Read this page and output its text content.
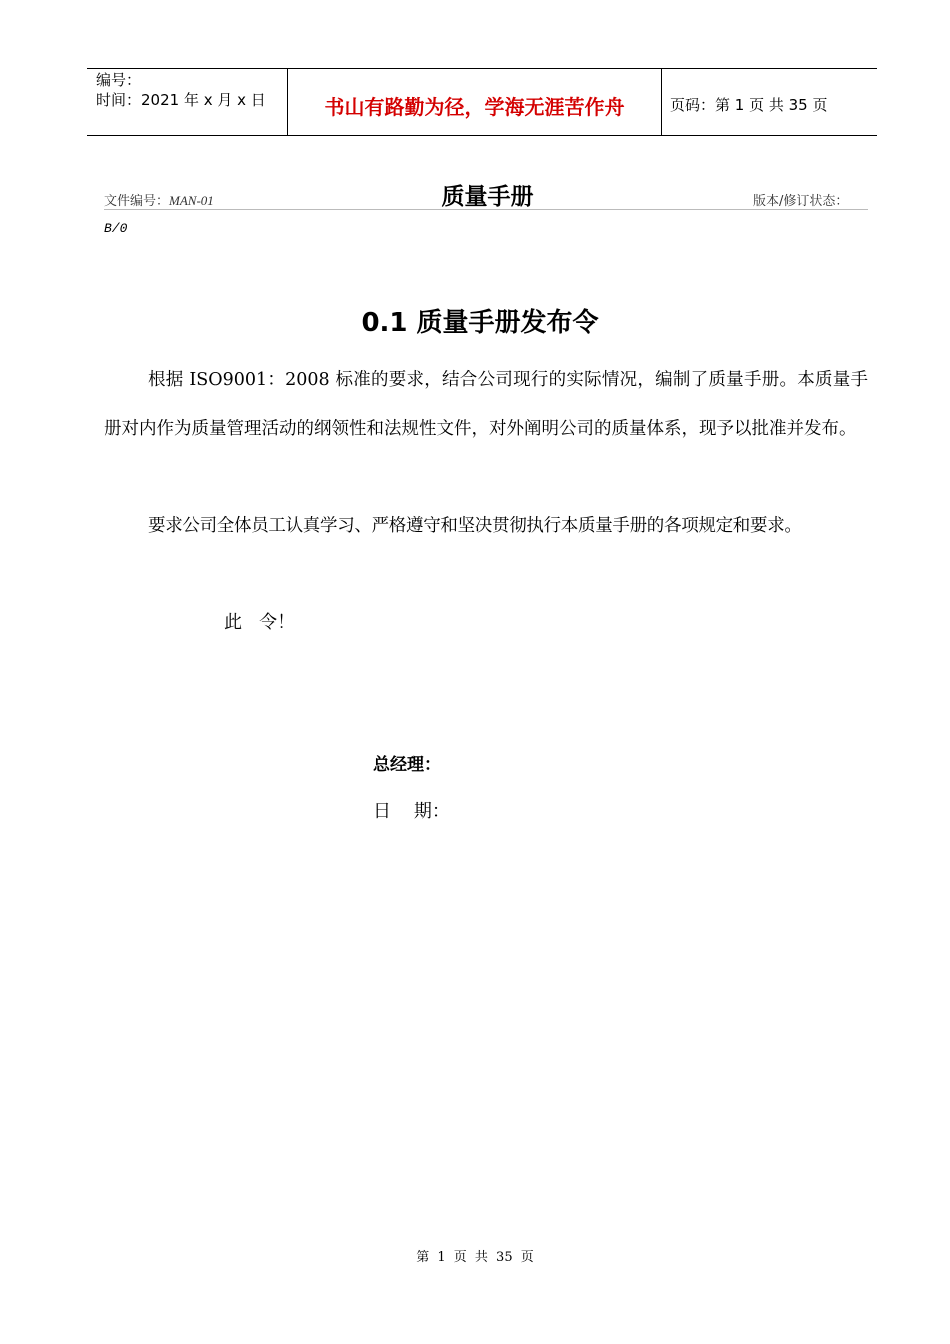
编号：
时间：2021 年 x 月 x 日	书山有路勤为径，学海无涯苦作舟	页码：第 1 页 共 35 页
文件编号：MAN-01	质量手册	版本/修订状态：
B/0
0.1 质量手册发布令
根据 ISO9001：2008 标准的要求，结合公司现行的实际情况，编制了质量手册。本质量手册对内作为质量管理活动的纲领性和法规性文件，对外阐明公司的质量体系，现予以批准并发布。
要求公司全体员工认真学习、严格遵守和坚决贯彻执行本质量手册的各项规定和要求。
此   令！
总经理：
日    期：
第 1 页 共 35 页
